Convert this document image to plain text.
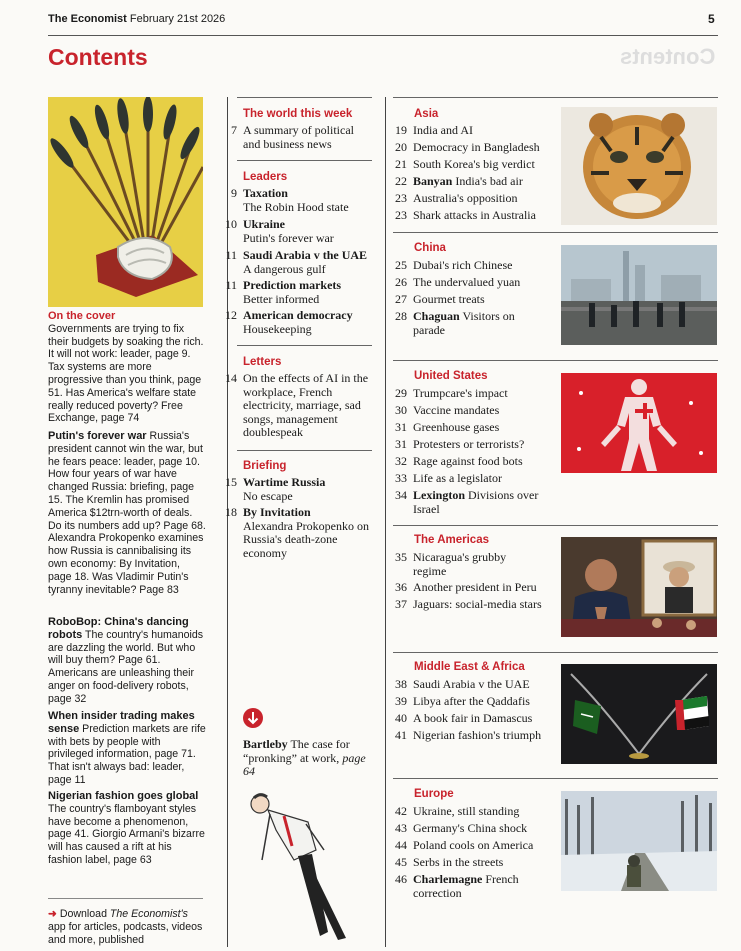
The Economist February 21st 2026	5
Contents	Contents
On the cover
Governments are trying to fix their budgets by soaking the rich. It will not work: leader, page 9. Tax systems are more progressive than you think, page 51. Has America's welfare state really reduced poverty? Free Exchange, page 74
Putin's forever war Russia's president cannot win the war, but he fears peace: leader, page 10. How four years of war have changed Russia: briefing, page 15. The Kremlin has promised America $12trn-worth of deals. Do its numbers add up? Page 68. Alexandra Prokopenko examines how Russia is cannibalising its own economy: By Invitation, page 18. Was Vladimir Putin's tyranny inevitable? Page 83
RoboBop: China's dancing robots The country's humanoids are dazzling the world. But who will buy them? Page 61. Americans are unleashing their anger on food-delivery robots, page 32
When insider trading makes sense Prediction markets are rife with bets by people with privileged information, page 71. That isn't always bad: leader, page 11
Nigerian fashion goes global The country's flamboyant styles have become a phenomenon, page 41. Giorgio Armani's bizarre will has caused a rift at his fashion label, page 63
➜ Download The Economist's app for articles, podcasts, videos and more, published
The world this week
7 A summary of political and business news
Leaders
9 Taxation
The Robin Hood state
10 Ukraine
Putin's forever war
11 Saudi Arabia v the UAE
A dangerous gulf
11 Prediction markets
Better informed
12 American democracy
Housekeeping
Letters
14 On the effects of AI in the workplace, French electricity, marriage, sad songs, management doublespeak
Briefing
15 Wartime Russia
No escape
18 By Invitation
Alexandra Prokopenko on Russia's death-zone economy
Bartleby The case for “pronking” at work, page 64
Asia
19 India and AI
20 Democracy in Bangladesh
21 South Korea's big verdict
22 Banyan India's bad air
23 Australia's opposition
23 Shark attacks in Australia
China
25 Dubai's rich Chinese
26 The undervalued yuan
27 Gourmet treats
28 Chaguan Visitors on parade
United States
29 Trumpcare's impact
30 Vaccine mandates
31 Greenhouse gases
31 Protesters or terrorists?
32 Rage against food bots
33 Life as a legislator
34 Lexington Divisions over Israel
The Americas
35 Nicaragua's grubby regime
36 Another president in Peru
37 Jaguars: social-media stars
Middle East & Africa
38 Saudi Arabia v the UAE
39 Libya after the Qaddafis
40 A book fair in Damascus
41 Nigerian fashion's triumph
Europe
42 Ukraine, still standing
43 Germany's China shock
44 Poland cools on America
45 Serbs in the streets
46 Charlemagne French correction
